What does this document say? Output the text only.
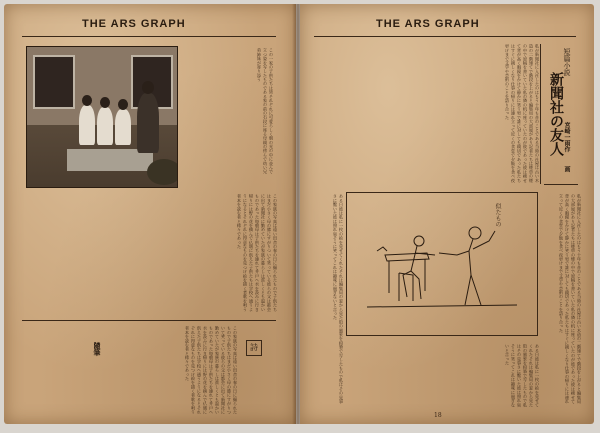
THE ARS GRAPH
この一家の子供たちは皆それぞれに可愛らしく朝の光の中に並んで立つ姿を写したものである家の前の石段に座る母親の傍らで幼い兄弟姉妹が寄り添う
この家族の写真は遠い田舎の春の日に撮られたもので子供たちはまだ小さく母の膝にすがりついて笑っている彼らの父は都会に出て新聞社に勤めていたが家族の暮らしは貧しくとも温かいものであった毎朝母は子供たちを連れて井戸へ水を汲みに行き帰りには野の花を摘んで仏壇に供えた子供たちは学校へ通うようになるとそれぞれに得意なものを見つけ絵を描く者歌を唄う者本を読む者と様々であった
この家族の写真は遠い田舎の春の日に撮られたもので子供たちはまだ小さく母の膝にすがりついて笑っている彼らの父は都会に出て新聞社に勤めていたが家族の暮らしは貧しくとも温かいものであった毎朝母は子供たちを連れて井戸へ水を汲みに行き帰りには野の花を摘んで仏壇に供えた子供たちは学校へ通うようになるとそれぞれに得意なものを見つけ絵を描く者歌を唄う者本を読む者と様々であった
隨筆	詩
THE ARS GRAPH
私が新聞社に入社したのはもう十年も昔のことである当時の社屋は古い木造の二階建てで階段を上がると編集局の大部屋があり記者たちは煙草の煙の中で原稿を書いていた私の隣の机に座っていたのが彼であった彼は痩せて背が高く眼鏡をかけて静かに笑う男で誰に対しても親切であった私たちはすぐに親しくなり仕事の帰りには連れ立って近くの食堂で夕飯を食べ夜更けまで文学や芸術のことを語り合った	短篇小説
新聞社の友人 宮崎一雨作
画
ある日彼は私に一枚の絵を見せてくれたそれは編集局の窓から見た街の風景を鉛筆で写したもので私はその見事さに驚いた彼は照れ臭そうに笑ってこれは趣味に過ぎないと言った	私が新聞社に入社したのはもう十年も昔のことである当時の社屋は古い木造の二階建てで階段を上がると編集局の大部屋があり記者たちは煙草の煙の中で原稿を書いていた私の隣の机に座っていたのが彼であった彼は痩せて背が高く眼鏡をかけて静かに笑う男で誰に対しても親切であった私たちはすぐに親しくなり仕事の帰りには連れ立って近くの食堂で夕飯を食べ夜更けまで文学や芸術のことを語り合った
ある日彼は私に一枚の絵を見せてくれたそれは編集局の窓から見た街の風景を鉛筆で写したもので私はその見事さに驚いた彼は照れ臭そうに笑ってこれは趣味に過ぎないと言った
18
似たもの
